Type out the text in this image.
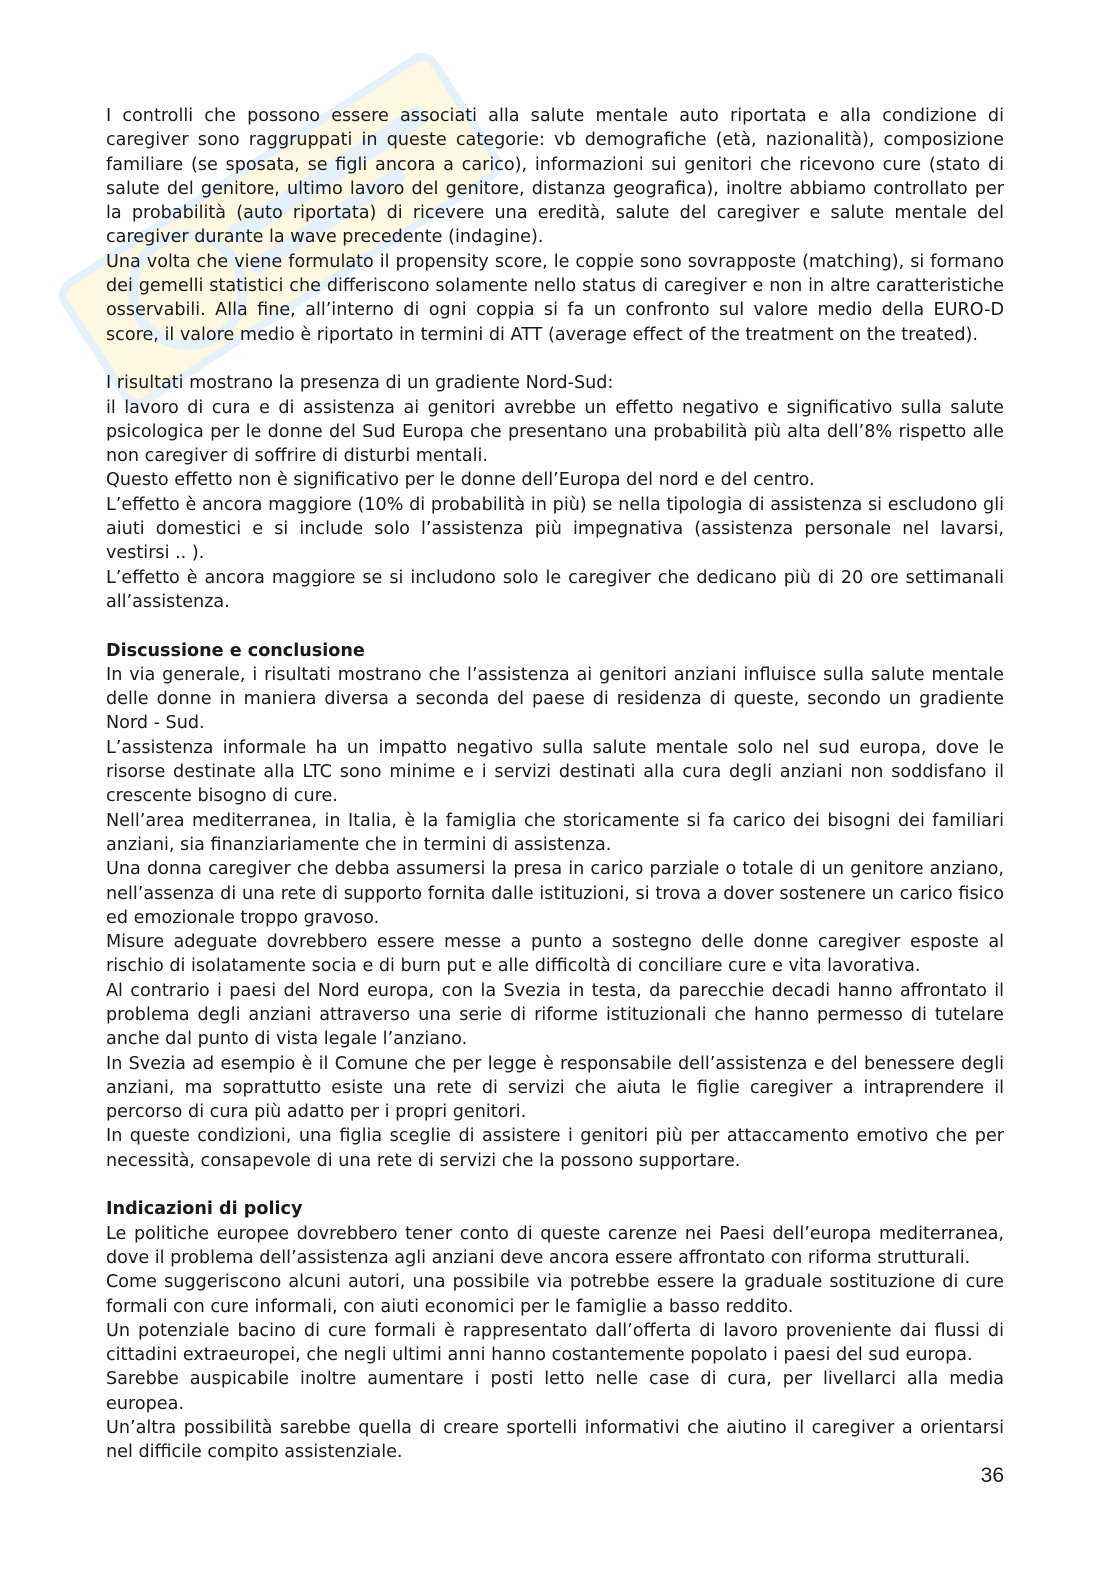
I controlli che possono essere associati alla salute mentale auto riportata e alla condizione di caregiver sono raggruppati in queste categorie: vb demografiche (età, nazionalità), composizione familiare (se sposata, se figli ancora a carico), informazioni sui genitori che ricevono cure (stato di salute del genitore, ultimo lavoro del genitore, distanza geografica), inoltre abbiamo controllato per la probabilità (auto riportata) di ricevere una eredità, salute del caregiver e salute mentale del caregiver durante la wave precedente (indagine).

Una volta che viene formulato il propensity score, le coppie sono sovrapposte (matching), si formano dei gemelli statistici che differiscono solamente nello status di caregiver e non in altre caratteristiche osservabili. Alla fine, all’interno di ogni coppia si fa un confronto sul valore medio della EURO-D score, il valore medio è riportato in termini di ATT (average effect of the treatment on the treated).

I risultati mostrano la presenza di un gradiente Nord-Sud:

il lavoro di cura e di assistenza ai genitori avrebbe un effetto negativo e significativo sulla salute psicologica per le donne del Sud Europa che presentano una probabilità più alta dell’8% rispetto alle non caregiver di soffrire di disturbi mentali.

Questo effetto non è significativo per le donne dell’Europa del nord e del centro.

L’effetto è ancora maggiore (10% di probabilità in più) se nella tipologia di assistenza si escludono gli aiuti domestici e si include solo l’assistenza più impegnativa (assistenza personale nel lavarsi, vestirsi .. ).

L’effetto è ancora maggiore se si includono solo le caregiver che dedicano più di 20 ore settimanali all’assistenza.

Discussione e conclusione

In via generale, i risultati mostrano che l’assistenza ai genitori anziani influisce sulla salute mentale delle donne in maniera diversa a seconda del paese di residenza di queste, secondo un gradiente Nord - Sud.

L’assistenza informale ha un impatto negativo sulla salute mentale solo nel sud europa, dove le risorse destinate alla LTC sono minime e i servizi destinati alla cura degli anziani non soddisfano il crescente bisogno di cure.

Nell’area mediterranea, in Italia, è la famiglia che storicamente si fa carico dei bisogni dei familiari anziani, sia finanziariamente che in termini di assistenza.

Una donna caregiver che debba assumersi la presa in carico parziale o totale di un genitore anziano, nell’assenza di una rete di supporto fornita dalle istituzioni, si trova a dover sostenere un carico fisico ed emozionale troppo gravoso.

Misure adeguate dovrebbero essere messe a punto a sostegno delle donne caregiver esposte al rischio di isolatamente socia e di burn put e alle difficoltà di conciliare cure e vita lavorativa.

Al contrario i paesi del Nord europa, con la Svezia in testa, da parecchie decadi hanno affrontato il problema degli anziani attraverso una serie di riforme istituzionali che hanno permesso di tutelare anche dal punto di vista legale l’anziano.

In Svezia ad esempio è il Comune che per legge è responsabile dell’assistenza e del benessere degli anziani, ma soprattutto esiste una rete di servizi che aiuta le figlie caregiver a intraprendere il percorso di cura più adatto per i propri genitori.

In queste condizioni, una figlia sceglie di assistere i genitori più per attaccamento emotivo che per necessità, consapevole di una rete di servizi che la possono supportare.

Indicazioni di policy

Le politiche europee dovrebbero tener conto di queste carenze nei Paesi dell’europa mediterranea, dove il problema dell’assistenza agli anziani deve ancora essere affrontato con riforma strutturali.

Come suggeriscono alcuni autori, una possibile via potrebbe essere la graduale sostituzione di cure formali con cure informali, con aiuti economici per le famiglie a basso reddito.

Un potenziale bacino di cure formali è rappresentato dall’offerta di lavoro proveniente dai flussi di cittadini extraeuropei, che negli ultimi anni hanno costantemente popolato i paesi del sud europa.

Sarebbe auspicabile inoltre aumentare i posti letto nelle case di cura, per livellarci alla media europea.

Un’altra possibilità sarebbe quella di creare sportelli informativi che aiutino il caregiver a orientarsi nel difficile compito assistenziale.

36
